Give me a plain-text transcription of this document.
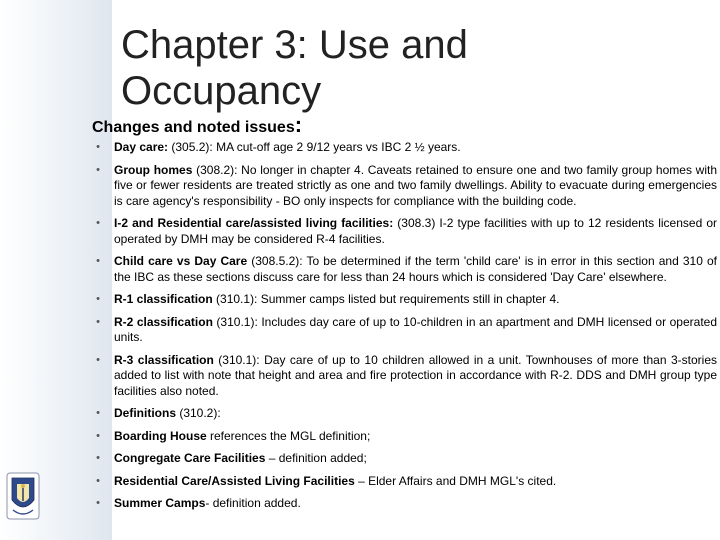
Chapter 3: Use and Occupancy
Changes and noted issues:
•	Day care: (305.2): MA cut-off age 2 9/12 years vs IBC 2 ½ years.
•	Group homes (308.2): No longer in chapter 4. Caveats retained to ensure one and two family group homes with five or fewer residents are treated strictly as one and two family dwellings. Ability to evacuate during emergencies is care agency's responsibility - BO only inspects for compliance with the building code.
•	I-2 and Residential care/assisted living facilities: (308.3) I-2 type facilities with up to 12 residents licensed or operated by DMH may be considered R-4 facilities.
•	Child care vs Day Care (308.5.2): To be determined if the term 'child care' is in error in this section and 310 of the IBC as these sections discuss care for less than 24 hours which is considered 'Day Care' elsewhere.
•	R-1 classification (310.1): Summer camps listed but requirements still in chapter 4.
•	R-2 classification (310.1): Includes day care of up to 10-children in an apartment and DMH licensed or operated units.
•	R-3 classification (310.1): Day care of up to 10 children allowed in a unit. Townhouses of more than 3-stories added to list with note that height and area and fire protection in accordance with R-2. DDS and DMH group type facilities also noted.
•	Definitions (310.2):
•	Boarding House references the MGL definition;
•	Congregate Care Facilities – definition added;
•	Residential Care/Assisted Living Facilities – Elder Affairs and DMH MGL's cited.
•	Summer Camps- definition added.
